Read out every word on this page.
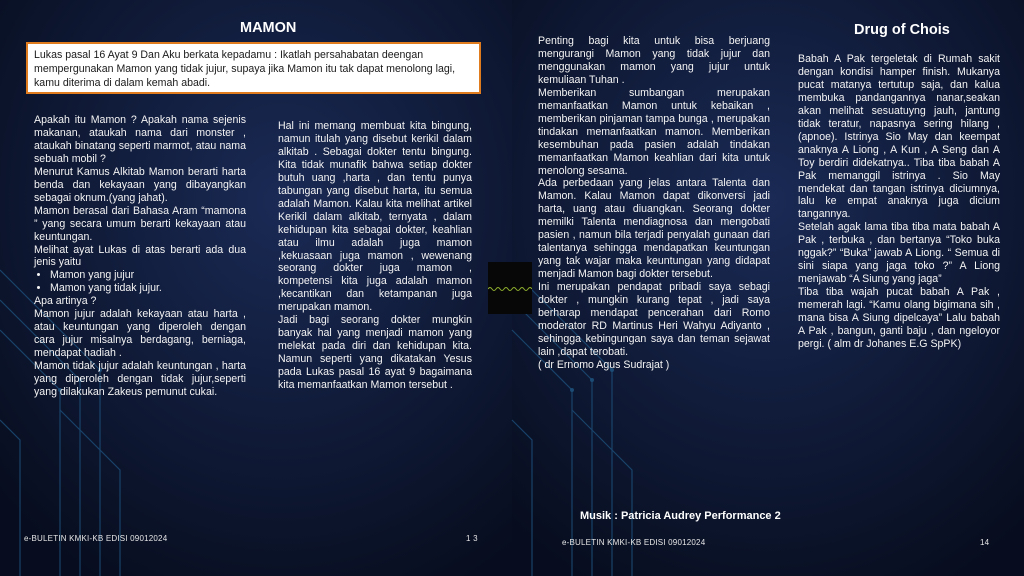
MAMON
Lukas pasal 16 Ayat 9 Dan Aku berkata kepadamu : Ikatlah persahabatan deengan mempergunakan Mamon yang tidak jujur, supaya jika Mamon itu tak dapat menolong lagi, kamu diterima di dalam kemah abadi.

Apakah itu Mamon ? Apakah nama sejenis makanan, ataukah nama dari monster , ataukah binatang seperti marmot, atau nama sebuah mobil ?

Menurut Kamus Alkitab Mamon berarti harta benda dan kekayaan yang dibayangkan sebagai oknum.(yang jahat).

Mamon berasal dari Bahasa Aram “mamona ” yang secara umum berarti kekayaan atau keuntungan.

Melihat ayat Lukas di atas berarti ada dua jenis yaitu

• Mamon yang jujur
• Mamon yang tidak jujur.

Apa artinya ?

Mamon jujur adalah kekayaan atau harta , atau keuntungan yang diperoleh dengan cara jujur misalnya berdagang, berniaga, mendapat hadiah .

Mamon tidak jujur adalah keuntungan , harta yang diperoleh dengan tidak jujur,seperti yang dilakukan Zakeus pemunut cukai.

Hal ini memang membuat kita bingung, namun itulah yang disebut kerikil dalam alkitab . Sebagai dokter tentu bingung. Kita tidak munafik bahwa setiap dokter butuh uang ,harta , dan tentu punya tabungan yang disebut harta, itu semua adalah Mamon. Kalau kita melihat artikel Kerikil dalam alkitab, ternyata , dalam kehidupan kita sebagai dokter, keahlian atau ilmu adalah juga mamon ,kekuasaan juga mamon , wewenang seorang dokter juga mamon , kompetensi kita juga adalah mamon ,kecantikan dan ketampanan juga merupakan mamon.

Jadi bagi seorang dokter mungkin banyak hal yang menjadi mamon yang melekat pada diri dan kehidupan kita. Namun seperti yang dikatakan Yesus pada Lukas pasal 16 ayat 9 bagaimana kita memanfaatkan Mamon tersebut .

e-BULETIN KMKI-KB EDISI 09012024	1 3

Penting bagi kita untuk bisa berjuang mengurangi Mamon yang tidak jujur dan menggunakan mamon yang jujur untuk kemuliaan Tuhan .

Memberikan sumbangan merupakan memanfaatkan Mamon untuk kebaikan , memberikan pinjaman tampa bunga , merupakan tindakan memanfaatkan mamon. Memberikan kesembuhan pada pasien adalah tindakan memanfaatkan Mamon keahlian dari kita untuk menolong sesama.

Ada perbedaan yang jelas antara Talenta dan Mamon. Kalau Mamon dapat dikonversi jadi harta, uang atau diuangkan. Seorang dokter memilki Talenta mendiagnosa dan mengobati pasien , namun bila terjadi penyalah gunaan dari talentanya sehingga mendapatkan keuntungan yang tak wajar maka keuntungan yang didapat menjadi Mamon bagi dokter tersebut.

Ini merupakan pendapat pribadi saya sebagi dokter , mungkin kurang tepat , jadi saya berharap mendapat pencerahan dari Romo moderator RD Martinus Heri Wahyu Adiyanto , sehingga kebingungan saya dan teman sejawat lain ,dapat terobati.

( dr Ernomo Agus Sudrajat )

Drug of Chois

Babah A Pak tergeletak di Rumah sakit dengan kondisi hamper finish. Mukanya pucat matanya tertutup saja, dan kalua membuka pandangannya nanar,seakan akan melihat sesuatuyng jauh, jantung tidak teratur, napasnya sering hilang , (apnoe). Istrinya Sio May dan keempat anaknya A Liong , A Kun , A Seng dan A Toy berdiri didekatnya.. Tiba tiba babah A Pak memanggil istrinya . Sio May mendekat dan tangan istrinya diciumnya, lalu ke empat anaknya juga dicium tangannya.

Setelah agak lama tiba tiba mata babah A Pak , terbuka , dan bertanya “Toko buka nggak?” “Buka” jawab A Liong. “ Semua di sini siapa yang jaga toko ?” A Liong menjawab “A Siung yang jaga”

Tiba tiba wajah pucat babah A Pak , memerah lagi. “Kamu olang bigimana sih , mana bisa A Siung dipelcaya” Lalu babah A Pak , bangun, ganti baju , dan ngeloyor pergi. ( alm dr Johanes E.G SpPK)

Musik : Patricia Audrey Performance 2
e-BULETIN KMKI-KB EDISI 09012024	14
